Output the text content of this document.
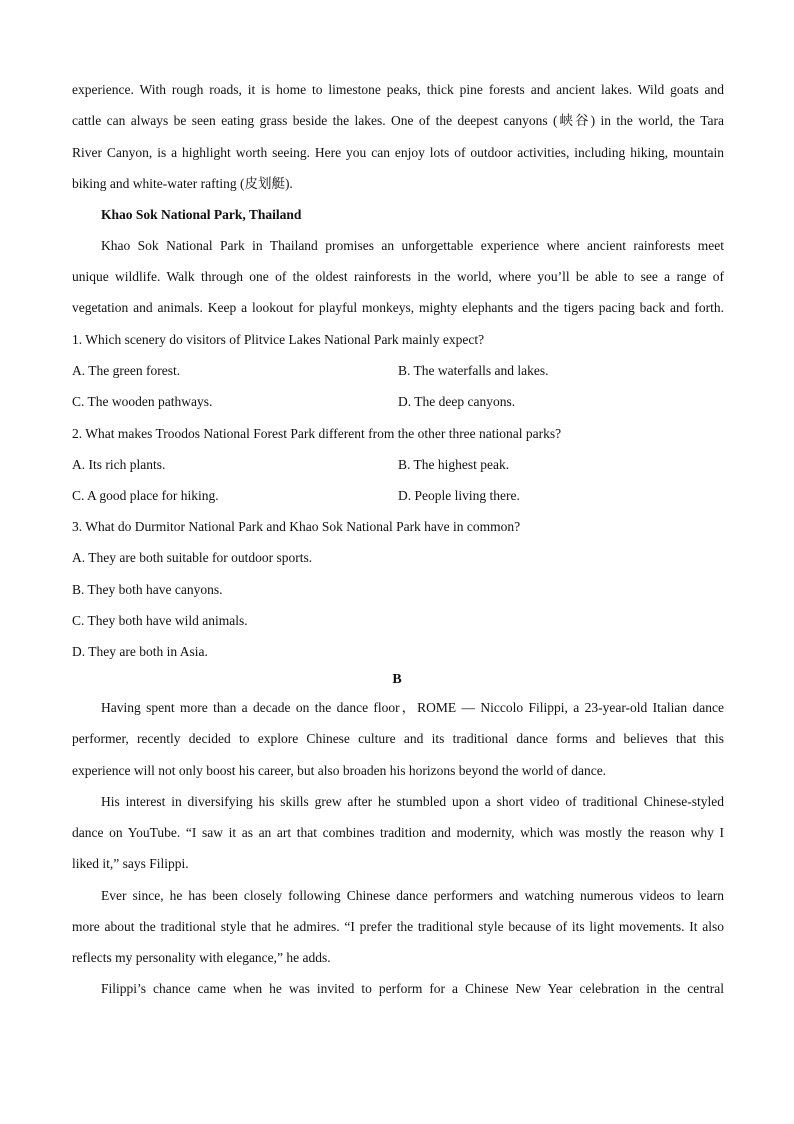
experience. With rough roads, it is home to limestone peaks, thick pine forests and ancient lakes. Wild goats and
cattle can always be seen eating grass beside the lakes. One of the deepest canyons (峡谷) in the world, the Tara
River Canyon, is a highlight worth seeing. Here you can enjoy lots of outdoor activities, including hiking, mountain
biking and white-water rafting (皮划艇).
Khao Sok National Park, Thailand
Khao Sok National Park in Thailand promises an unforgettable experience where ancient rainforests meet
unique wildlife. Walk through one of the oldest rainforests in the world, where you’ll be able to see a range of
vegetation and animals. Keep a lookout for playful monkeys, mighty elephants and the tigers pacing back and forth.
1. Which scenery do visitors of Plitvice Lakes National Park mainly expect?
A. The green forest.	B. The waterfalls and lakes.
C. The wooden pathways.	D. The deep canyons.
2. What makes Troodos National Forest Park different from the other three national parks?
A. Its rich plants.	B. The highest peak.
C. A good place for hiking.	D. People living there.
3. What do Durmitor National Park and Khao Sok National Park have in common?
A. They are both suitable for outdoor sports.
B. They both have canyons.
C. They both have wild animals.
D. They are both in Asia.
B
Having spent more than a decade on the dance floor，ROME — Niccolo Filippi, a 23-year-old Italian dance
performer, recently decided to explore Chinese culture and its traditional dance forms and believes that this
experience will not only boost his career, but also broaden his horizons beyond the world of dance.
His interest in diversifying his skills grew after he stumbled upon a short video of traditional Chinese-styled
dance on YouTube. “I saw it as an art that combines tradition and modernity, which was mostly the reason why I
liked it,” says Filippi.
Ever since, he has been closely following Chinese dance performers and watching numerous videos to learn
more about the traditional style that he admires. “I prefer the traditional style because of its light movements. It also
reflects my personality with elegance,” he adds.
Filippi’s chance came when he was invited to perform for a Chinese New Year celebration in the central
